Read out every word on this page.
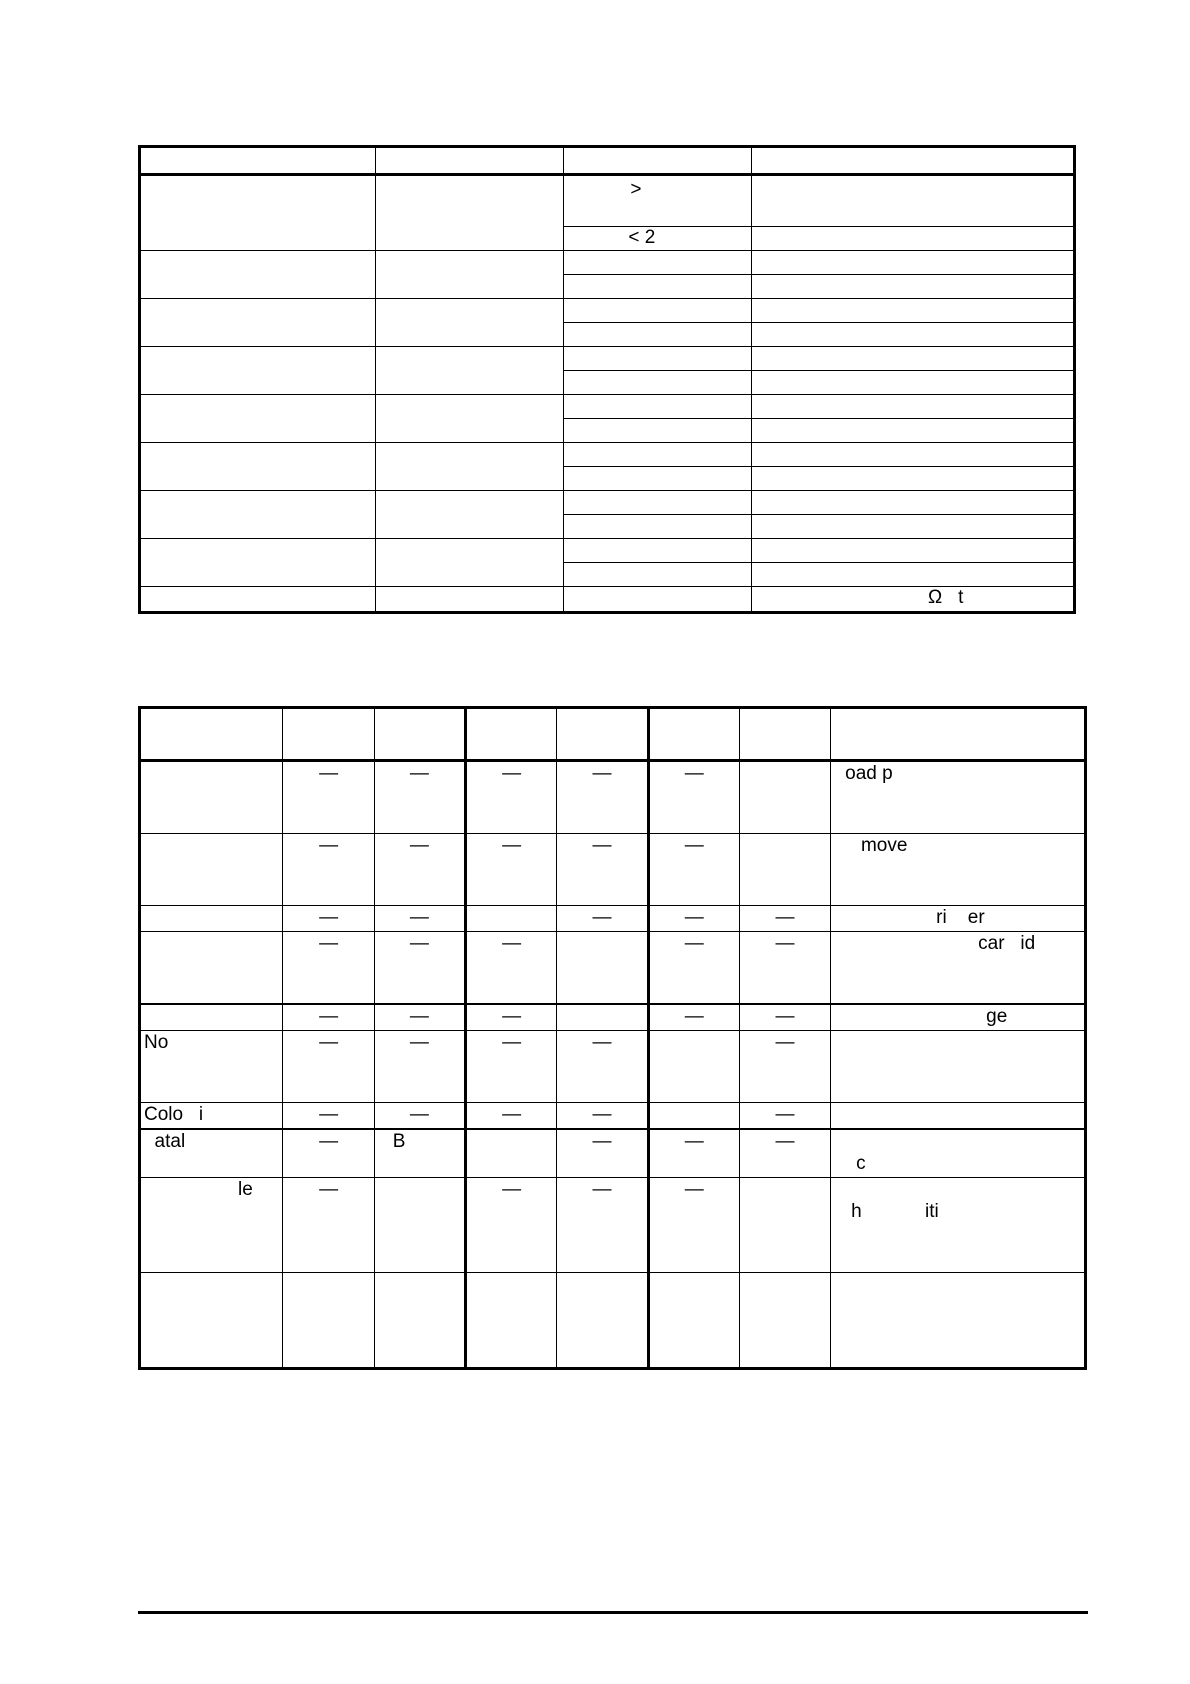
		>	
		< 2	

			Ω t

	—	—	—	—	—		oad p
	—	—	—	—	—		move
	—	—		—	—	—	ri    er
	—	—	—		—	—	car   id
	—	—	—		—	—	ge
No	—	—	—	—		—	
Colo   i	—	—	—	—		—	
atal	—	B		—	—	—	c

le	—		—	—	—		h            iti
